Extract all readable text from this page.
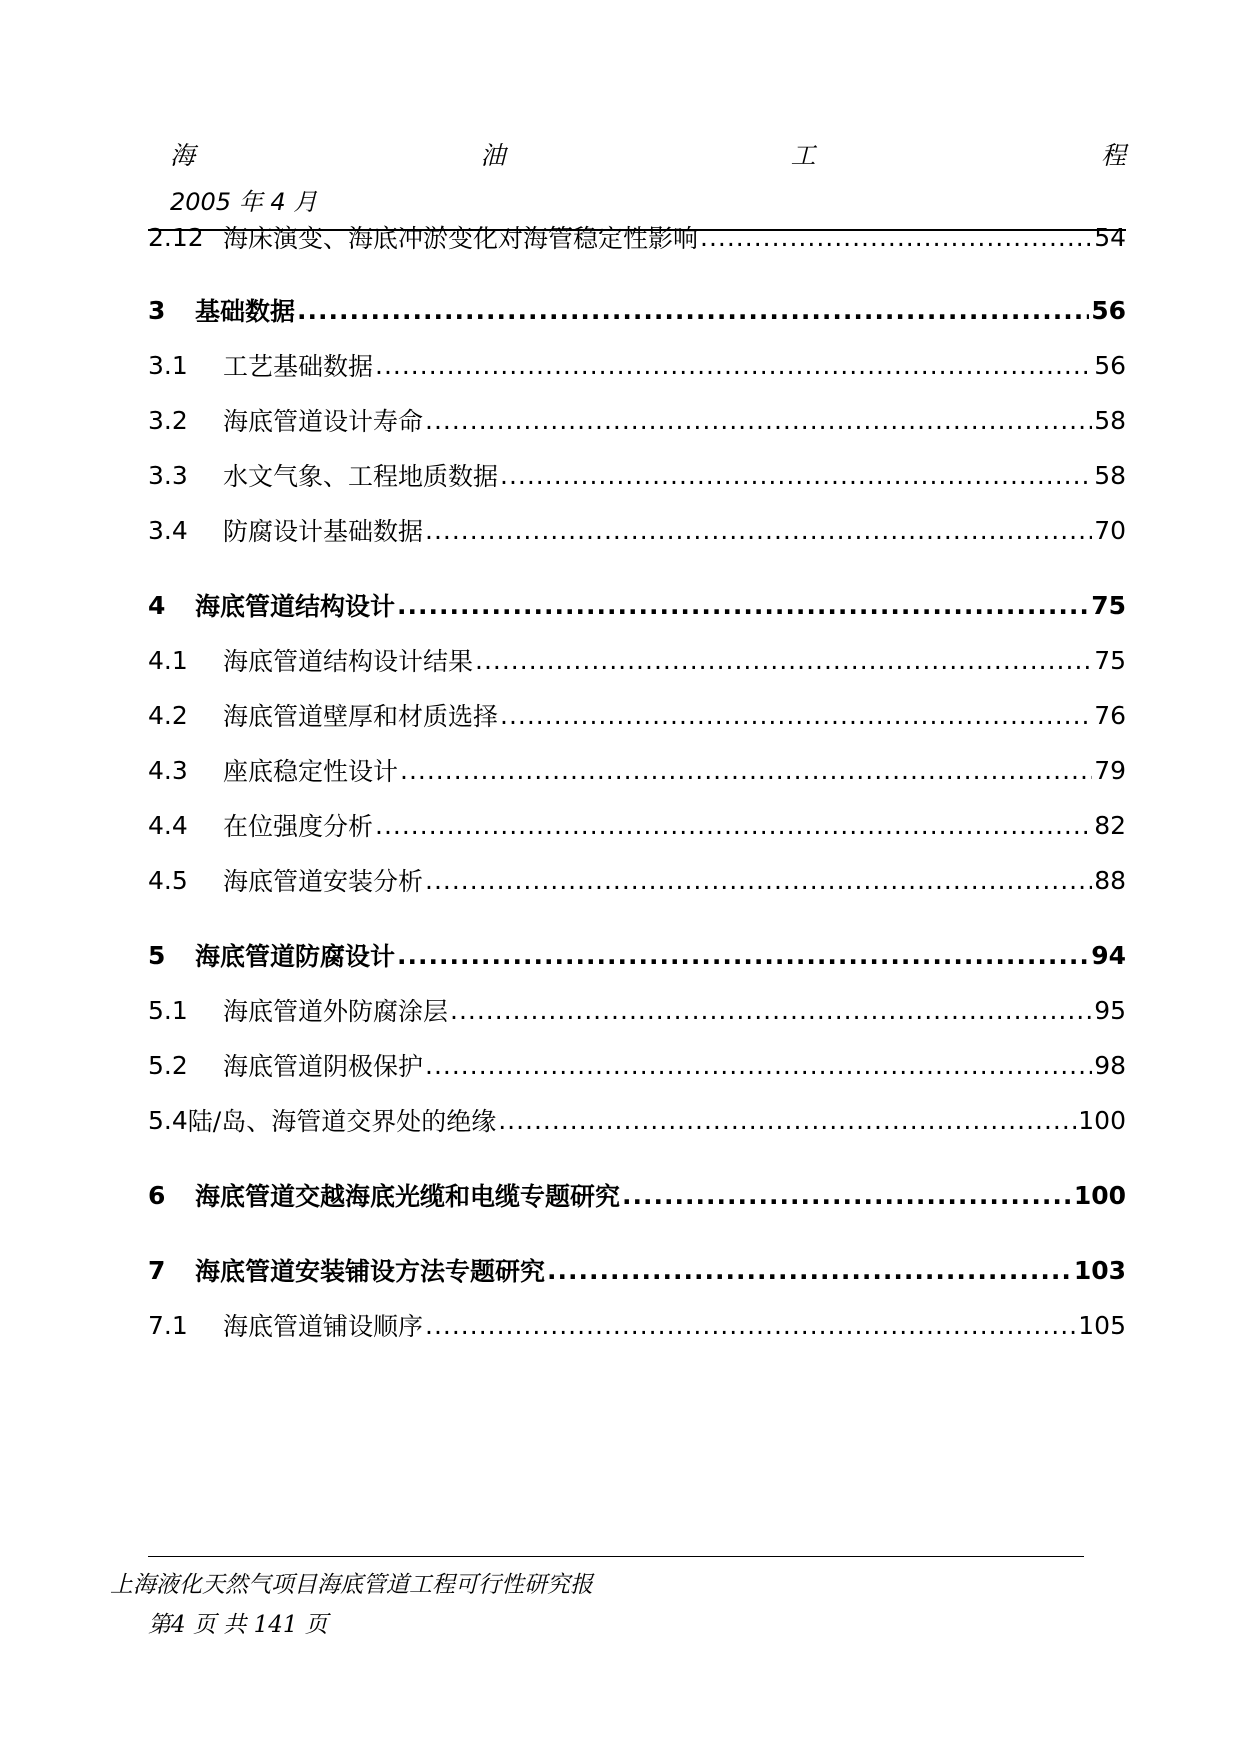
海	油	工	程
2005 年 4 月
2.12 海床演变、海底冲淤变化对海管稳定性影响 .....	54
3	基础数据 .....	56
3.1	工艺基础数据 .....	56
3.2	海底管道设计寿命 .....	58
3.3	水文气象、工程地质数据 .....	58
3.4	防腐设计基础数据 .....	70
4	海底管道结构设计 .....	75
4.1	海底管道结构设计结果 .....	75
4.2	海底管道壁厚和材质选择 .....	76
4.3	座底稳定性设计 .....	79
4.4	在位强度分析 .....	82
4.5	海底管道安装分析 .....	88
5	海底管道防腐设计 .....	94
5.1	海底管道外防腐涂层 .....	95
5.2	海底管道阴极保护 .....	98
5.4 陆/岛、海管道交界处的绝缘 .....	100
6	海底管道交越海底光缆和电缆专题研究 .....	100
7	海底管道安装铺设方法专题研究 .....	103
7.1	海底管道铺设顺序 .....	105
上海液化天然气项目海底管道工程可行性研究报
第4 页 共 141 页
